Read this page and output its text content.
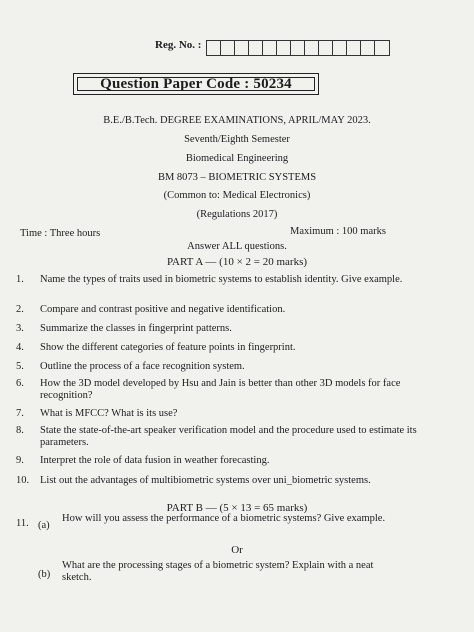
Reg. No. :
Question Paper Code : 50234
B.E./B.Tech. DEGREE EXAMINATIONS, APRIL/MAY 2023.
Seventh/Eighth Semester
Biomedical Engineering
BM 8073 – BIOMETRIC SYSTEMS
(Common to: Medical Electronics)
(Regulations 2017)
Time : Three hours	Maximum : 100 marks
Answer ALL questions.
PART A — (10 × 2 = 20 marks)
1. Name the types of traits used in biometric systems to establish identity. Give example.
2. Compare and contrast positive and negative identification.
3. Summarize the classes in fingerprint patterns.
4. Show the different categories of feature points in fingerprint.
5. Outline the process of a face recognition system.
6. How the 3D model developed by Hsu and Jain is better than other 3D models for face recognition?
7. What is MFCC? What is its use?
8. State the state-of-the-art speaker verification model and the procedure used to estimate its parameters.
9. Interpret the role of data fusion in weather forecasting.
10. List out the advantages of multibiometric systems over uni_biometric systems.
PART B — (5 × 13 = 65 marks)
11. (a)
How will you assess the performance of a biometric systems? Give example.
Or
(b)
What are the processing stages of a biometric system? Explain with a neat sketch.
